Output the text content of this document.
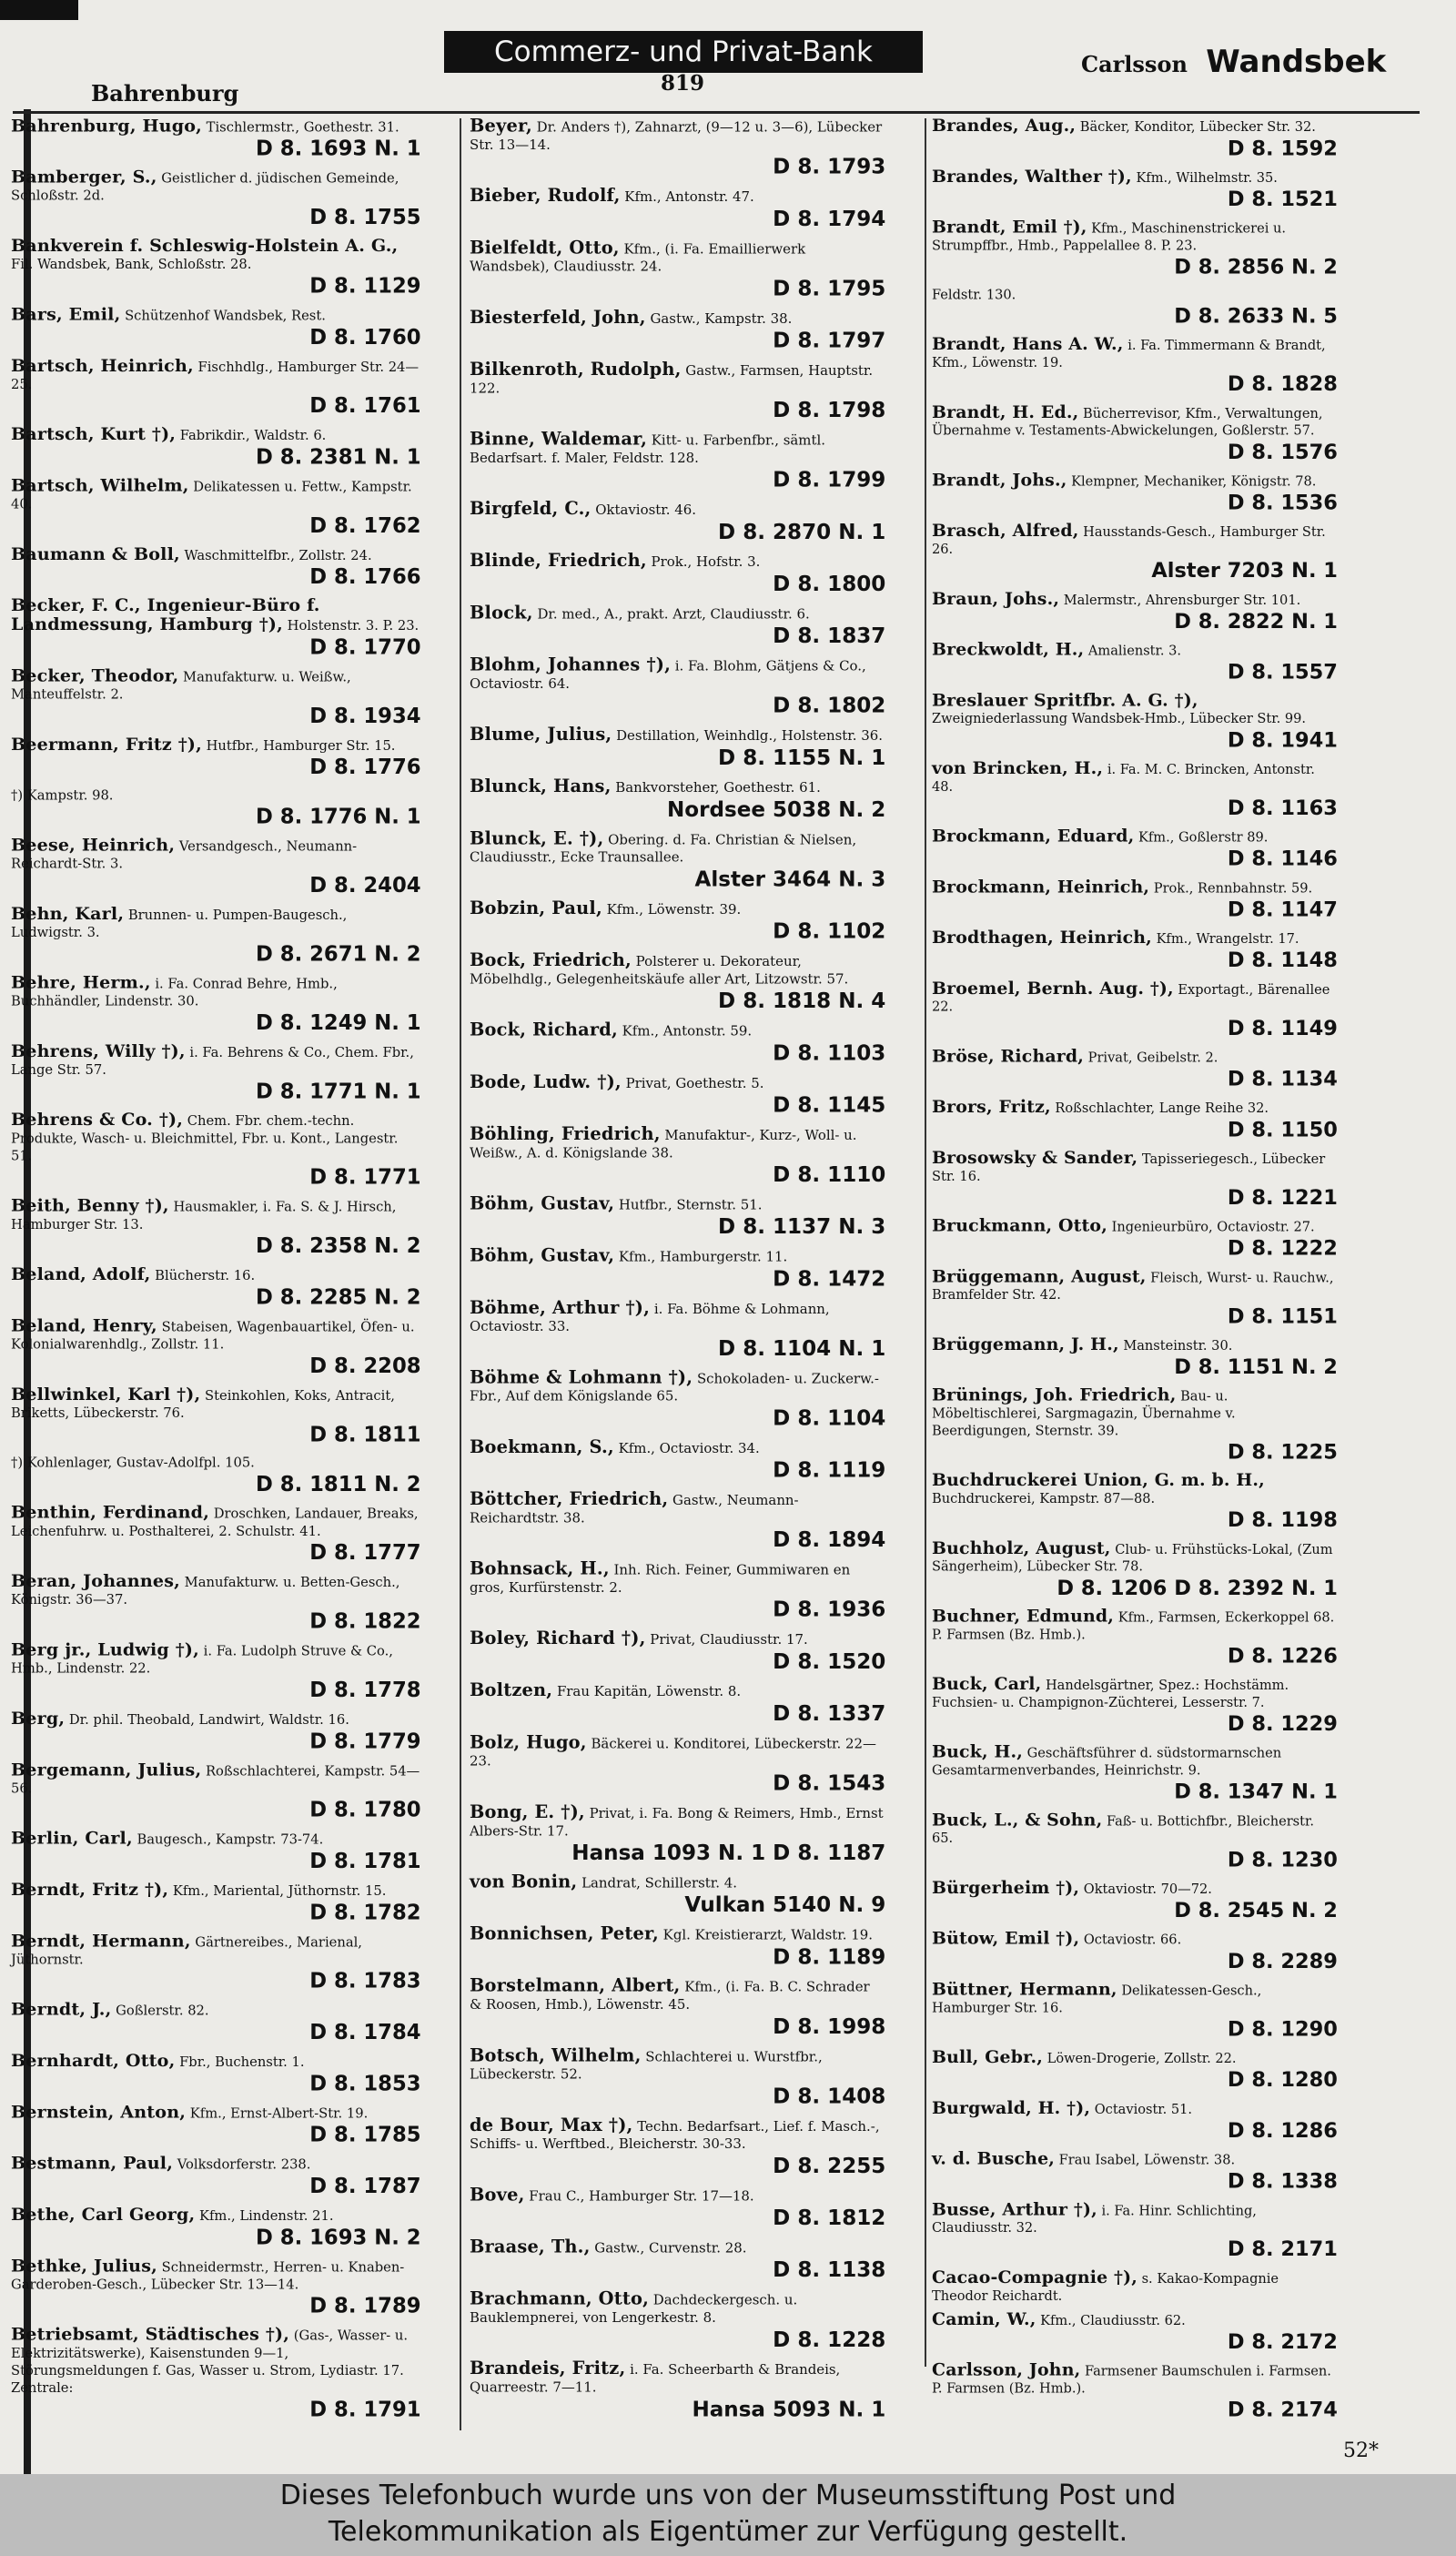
Bahrenburg
Commerz- und Privat-Bank
819
Carlsson Wandsbek
Bahrenburg, Hugo, Tischlermstr., Goethestr. 31.
D 8. 1693 N. 1
Bamberger, S., Geistlicher d. jüdischen Gemeinde, Schloßstr. 2d.
D 8. 1755
Bankverein f. Schleswig-Holstein A. G., Fil. Wandsbek, Bank, Schloßstr. 28.
D 8. 1129
Bars, Emil, Schützenhof Wandsbek, Rest.
D 8. 1760
Bartsch, Heinrich, Fischhdlg., Hamburger Str. 24—25.
D 8. 1761
Bartsch, Kurt †), Fabrikdir., Waldstr. 6.
D 8. 2381 N. 1
Bartsch, Wilhelm, Delikatessen u. Fettw., Kampstr. 40.
D 8. 1762
Baumann & Boll, Waschmittelfbr., Zollstr. 24.
D 8. 1766
Becker, F. C., Ingenieur-Büro f. Landmessung, Hamburg †), Holstenstr. 3. P. 23.
D 8. 1770
Becker, Theodor, Manufakturw. u. Weißw., Manteuffelstr. 2.
D 8. 1934
Beermann, Fritz †), Hutfbr., Hamburger Str. 15.
D 8. 1776
†) Kampstr. 98.
D 8. 1776 N. 1
Beese, Heinrich, Versandgesch., Neumann-Reichardt-Str. 3.
D 8. 2404
Behn, Karl, Brunnen- u. Pumpen-Baugesch., Ludwigstr. 3.
D 8. 2671 N. 2
Behre, Herm., i. Fa. Conrad Behre, Hmb., Buchhändler, Lindenstr. 30.
D 8. 1249 N. 1
Behrens, Willy †), i. Fa. Behrens & Co., Chem. Fbr., Lange Str. 57.
D 8. 1771 N. 1
Behrens & Co. †), Chem. Fbr. chem.-techn. Produkte, Wasch- u. Bleichmittel, Fbr. u. Kont., Langestr. 51.
D 8. 1771
Beith, Benny †), Hausmakler, i. Fa. S. & J. Hirsch, Hamburger Str. 13.
D 8. 2358 N. 2
Beland, Adolf, Blücherstr. 16.
D 8. 2285 N. 2
Beland, Henry, Stabeisen, Wagenbauartikel, Öfen- u. Kolonialwarenhdlg., Zollstr. 11.
D 8. 2208
Bellwinkel, Karl †), Steinkohlen, Koks, Antracit, Briketts, Lübeckerstr. 76.
D 8. 1811
†) Kohlenlager, Gustav-Adolfpl. 105.
D 8. 1811 N. 2
Benthin, Ferdinand, Droschken, Landauer, Breaks, Leichenfuhrw. u. Posthalterei, 2. Schulstr. 41.
D 8. 1777
Beran, Johannes, Manufakturw. u. Betten-Gesch., Königstr. 36—37.
D 8. 1822
Berg jr., Ludwig †), i. Fa. Ludolph Struve & Co., Hmb., Lindenstr. 22.
D 8. 1778
Berg, Dr. phil. Theobald, Landwirt, Waldstr. 16.
D 8. 1779
Bergemann, Julius, Roßschlachterei, Kampstr. 54—56.
D 8. 1780
Berlin, Carl, Baugesch., Kampstr. 73-74.
D 8. 1781
Berndt, Fritz †), Kfm., Mariental, Jüthornstr. 15.
D 8. 1782
Berndt, Hermann, Gärtnereibes., Marienal, Jüthornstr.
D 8. 1783
Berndt, J., Goßlerstr. 82.
D 8. 1784
Bernhardt, Otto, Fbr., Buchenstr. 1.
D 8. 1853
Bernstein, Anton, Kfm., Ernst-Albert-Str. 19.
D 8. 1785
Bestmann, Paul, Volksdorferstr. 238.
D 8. 1787
Bethe, Carl Georg, Kfm., Lindenstr. 21.
D 8. 1693 N. 2
Bethke, Julius, Schneidermstr., Herren- u. Knaben-Garderoben-Gesch., Lübecker Str. 13—14.
D 8. 1789
Betriebsamt, Städtisches †), (Gas-, Wasser- u. Elektrizitätswerke), Kaisenstunden 9—1, Störungsmeldungen f. Gas, Wasser u. Strom, Lydiastr. 17. Zentrale:
D 8. 1791
Beyer, Dr. Anders †), Zahnarzt, (9—12 u. 3—6), Lübecker Str. 13—14.
D 8. 1793
Bieber, Rudolf, Kfm., Antonstr. 47.
D 8. 1794
Bielfeldt, Otto, Kfm., (i. Fa. Emaillierwerk Wandsbek), Claudiusstr. 24.
D 8. 1795
Biesterfeld, John, Gastw., Kampstr. 38.
D 8. 1797
Bilkenroth, Rudolph, Gastw., Farmsen, Hauptstr. 122.
D 8. 1798
Binne, Waldemar, Kitt- u. Farbenfbr., sämtl. Bedarfsart. f. Maler, Feldstr. 128.
D 8. 1799
Birgfeld, C., Oktaviostr. 46.
D 8. 2870 N. 1
Blinde, Friedrich, Prok., Hofstr. 3.
D 8. 1800
Block, Dr. med., A., prakt. Arzt, Claudiusstr. 6.
D 8. 1837
Blohm, Johannes †), i. Fa. Blohm, Gätjens & Co., Octaviostr. 64.
D 8. 1802
Blume, Julius, Destillation, Weinhdlg., Holstenstr. 36.
D 8. 1155 N. 1
Blunck, Hans, Bankvorsteher, Goethestr. 61.
Nordsee 5038 N. 2
Blunck, E. †), Obering. d. Fa. Christian & Nielsen, Claudiusstr., Ecke Traunsallee.
Alster 3464 N. 3
Bobzin, Paul, Kfm., Löwenstr. 39.
D 8. 1102
Bock, Friedrich, Polsterer u. Dekorateur, Möbelhdlg., Gelegenheitskäufe aller Art, Litzowstr. 57.
D 8. 1818 N. 4
Bock, Richard, Kfm., Antonstr. 59.
D 8. 1103
Bode, Ludw. †), Privat, Goethestr. 5.
D 8. 1145
Böhling, Friedrich, Manufaktur-, Kurz-, Woll- u. Weißw., A. d. Königslande 38.
D 8. 1110
Böhm, Gustav, Hutfbr., Sternstr. 51.
D 8. 1137 N. 3
Böhm, Gustav, Kfm., Hamburgerstr. 11.
D 8. 1472
Böhme, Arthur †), i. Fa. Böhme & Lohmann, Octaviostr. 33.
D 8. 1104 N. 1
Böhme & Lohmann †), Schokoladen- u. Zuckerw.-Fbr., Auf dem Königslande 65.
D 8. 1104
Boekmann, S., Kfm., Octaviostr. 34.
D 8. 1119
Böttcher, Friedrich, Gastw., Neumann-Reichardtstr. 38.
D 8. 1894
Bohnsack, H., Inh. Rich. Feiner, Gummiwaren en gros, Kurfürstenstr. 2.
D 8. 1936
Boley, Richard †), Privat, Claudiusstr. 17.
D 8. 1520
Boltzen, Frau Kapitän, Löwenstr. 8.
D 8. 1337
Bolz, Hugo, Bäckerei u. Konditorei, Lübeckerstr. 22—23.
D 8. 1543
Bong, E. †), Privat, i. Fa. Bong & Reimers, Hmb., Ernst Albers-Str. 17.
Hansa 1093 N. 1 D 8. 1187
von Bonin, Landrat, Schillerstr. 4.
Vulkan 5140 N. 9
Bonnichsen, Peter, Kgl. Kreistierarzt, Waldstr. 19.
D 8. 1189
Borstelmann, Albert, Kfm., (i. Fa. B. C. Schrader & Roosen, Hmb.), Löwenstr. 45.
D 8. 1998
Botsch, Wilhelm, Schlachterei u. Wurstfbr., Lübeckerstr. 52.
D 8. 1408
de Bour, Max †), Techn. Bedarfsart., Lief. f. Masch.-, Schiffs- u. Werftbed., Bleicherstr. 30-33.
D 8. 2255
Bove, Frau C., Hamburger Str. 17—18.
D 8. 1812
Braase, Th., Gastw., Curvenstr. 28.
D 8. 1138
Brachmann, Otto, Dachdeckergesch. u. Bauklempnerei, von Lengerkestr. 8.
D 8. 1228
Brandeis, Fritz, i. Fa. Scheerbarth & Brandeis, Quarreestr. 7—11.
Hansa 5093 N. 1
Brandes, Aug., Bäcker, Konditor, Lübecker Str. 32.
D 8. 1592
Brandes, Walther †), Kfm., Wilhelmstr. 35.
D 8. 1521
Brandt, Emil †), Kfm., Maschinenstrickerei u. Strumpffbr., Hmb., Pappelallee 8. P. 23.
D 8. 2856 N. 2
Feldstr. 130.
D 8. 2633 N. 5
Brandt, Hans A. W., i. Fa. Timmermann & Brandt, Kfm., Löwenstr. 19.
D 8. 1828
Brandt, H. Ed., Bücherrevisor, Kfm., Verwaltungen, Übernahme v. Testaments-Abwickelungen, Goßlerstr. 57.
D 8. 1576
Brandt, Johs., Klempner, Mechaniker, Königstr. 78.
D 8. 1536
Brasch, Alfred, Hausstands-Gesch., Hamburger Str. 26.
Alster 7203 N. 1
Braun, Johs., Malermstr., Ahrensburger Str. 101.
D 8. 2822 N. 1
Breckwoldt, H., Amalienstr. 3.
D 8. 1557
Breslauer Spritfbr. A. G. †), Zweigniederlassung Wandsbek-Hmb., Lübecker Str. 99.
D 8. 1941
von Brincken, H., i. Fa. M. C. Brincken, Antonstr. 48.
D 8. 1163
Brockmann, Eduard, Kfm., Goßlerstr 89.
D 8. 1146
Brockmann, Heinrich, Prok., Rennbahnstr. 59.
D 8. 1147
Brodthagen, Heinrich, Kfm., Wrangelstr. 17.
D 8. 1148
Broemel, Bernh. Aug. †), Exportagt., Bärenallee 22.
D 8. 1149
Bröse, Richard, Privat, Geibelstr. 2.
D 8. 1134
Brors, Fritz, Roßschlachter, Lange Reihe 32.
D 8. 1150
Brosowsky & Sander, Tapisseriegesch., Lübecker Str. 16.
D 8. 1221
Bruckmann, Otto, Ingenieurbüro, Octaviostr. 27.
D 8. 1222
Brüggemann, August, Fleisch, Wurst- u. Rauchw., Bramfelder Str. 42.
D 8. 1151
Brüggemann, J. H., Mansteinstr. 30.
D 8. 1151 N. 2
Brünings, Joh. Friedrich, Bau- u. Möbeltischlerei, Sargmagazin, Übernahme v. Beerdigungen, Sternstr. 39.
D 8. 1225
Buchdruckerei Union, G. m. b. H., Buchdruckerei, Kampstr. 87—88.
D 8. 1198
Buchholz, August, Club- u. Frühstücks-Lokal, (Zum Sängerheim), Lübecker Str. 78.
D 8. 1206 D 8. 2392 N. 1
Buchner, Edmund, Kfm., Farmsen, Eckerkoppel 68. P. Farmsen (Bz. Hmb.).
D 8. 1226
Buck, Carl, Handelsgärtner, Spez.: Hochstämm. Fuchsien- u. Champignon-Züchterei, Lesserstr. 7.
D 8. 1229
Buck, H., Geschäftsführer d. südstormarnschen Gesamtarmenverbandes, Heinrichstr. 9.
D 8. 1347 N. 1
Buck, L., & Sohn, Faß- u. Bottichfbr., Bleicherstr. 65.
D 8. 1230
Bürgerheim †), Oktaviostr. 70—72.
D 8. 2545 N. 2
Bütow, Emil †), Octaviostr. 66.
D 8. 2289
Büttner, Hermann, Delikatessen-Gesch., Hamburger Str. 16.
D 8. 1290
Bull, Gebr., Löwen-Drogerie, Zollstr. 22.
D 8. 1280
Burgwald, H. †), Octaviostr. 51.
D 8. 1286
v. d. Busche, Frau Isabel, Löwenstr. 38.
D 8. 1338
Busse, Arthur †), i. Fa. Hinr. Schlichting, Claudiusstr. 32.
D 8. 2171
Cacao-Compagnie †), s. Kakao-Kompagnie Theodor Reichardt.
Camin, W., Kfm., Claudiusstr. 62.
D 8. 2172
Carlsson, John, Farmsener Baumschulen i. Farmsen. P. Farmsen (Bz. Hmb.).
D 8. 2174
52*
Dieses Telefonbuch wurde uns von der Museumsstiftung Post und
Telekommunikation als Eigentümer zur Verfügung gestellt.
